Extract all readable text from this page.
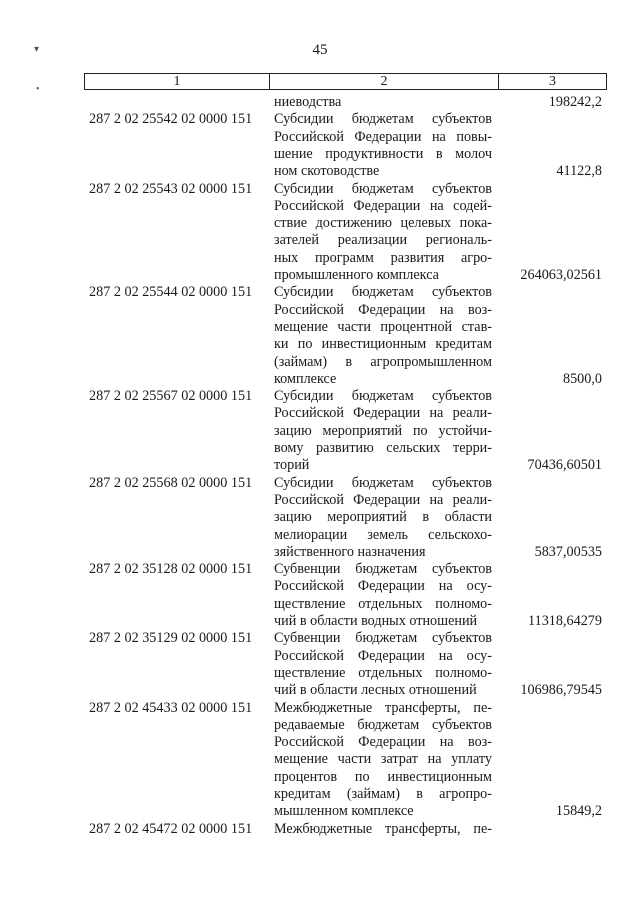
45
1	2	3
ниеводства	198242,2
287 2 02 25542 02 0000 151 Субсидии бюджетам субъектов
Российской Федерации на повы-
шение продуктивности в молоч
ном скотоводстве	41122,8
287 2 02 25543 02 0000 151 Субсидии бюджетам субъектов
Российской Федерации на содей-
ствие достижению целевых пока-
зателей реализации региональ-
ных программ развития агро-
промышленного комплекса	264063,02561
287 2 02 25544 02 0000 151 Субсидии бюджетам субъектов
Российской Федерации на воз-
мещение части процентной став-
ки по инвестиционным кредитам
(займам) в агропромышленном
комплексе	8500,0
287 2 02 25567 02 0000 151 Субсидии бюджетам субъектов
Российской Федерации на реали-
зацию мероприятий по устойчи-
вому развитию сельских терри-
торий	70436,60501
287 2 02 25568 02 0000 151 Субсидии бюджетам субъектов
Российской Федерации на реали-
зацию мероприятий в области
мелиорации земель сельскохо-
зяйственного назначения	5837,00535
287 2 02 35128 02 0000 151 Субвенции бюджетам субъектов
Российской Федерации на осу-
ществление отдельных полномо-
чий в области водных отношений	11318,64279
287 2 02 35129 02 0000 151 Субвенции бюджетам субъектов
Российской Федерации на осу-
ществление отдельных полномо-
чий в области лесных отношений	106986,79545
287 2 02 45433 02 0000 151 Межбюджетные трансферты, пе-
редаваемые бюджетам субъектов
Российской Федерации на воз-
мещение части затрат на уплату
процентов по инвестиционным
кредитам (займам) в агропро-
мышленном комплексе	15849,2
287 2 02 45472 02 0000 151 Межбюджетные трансферты, пе-
▾
•
